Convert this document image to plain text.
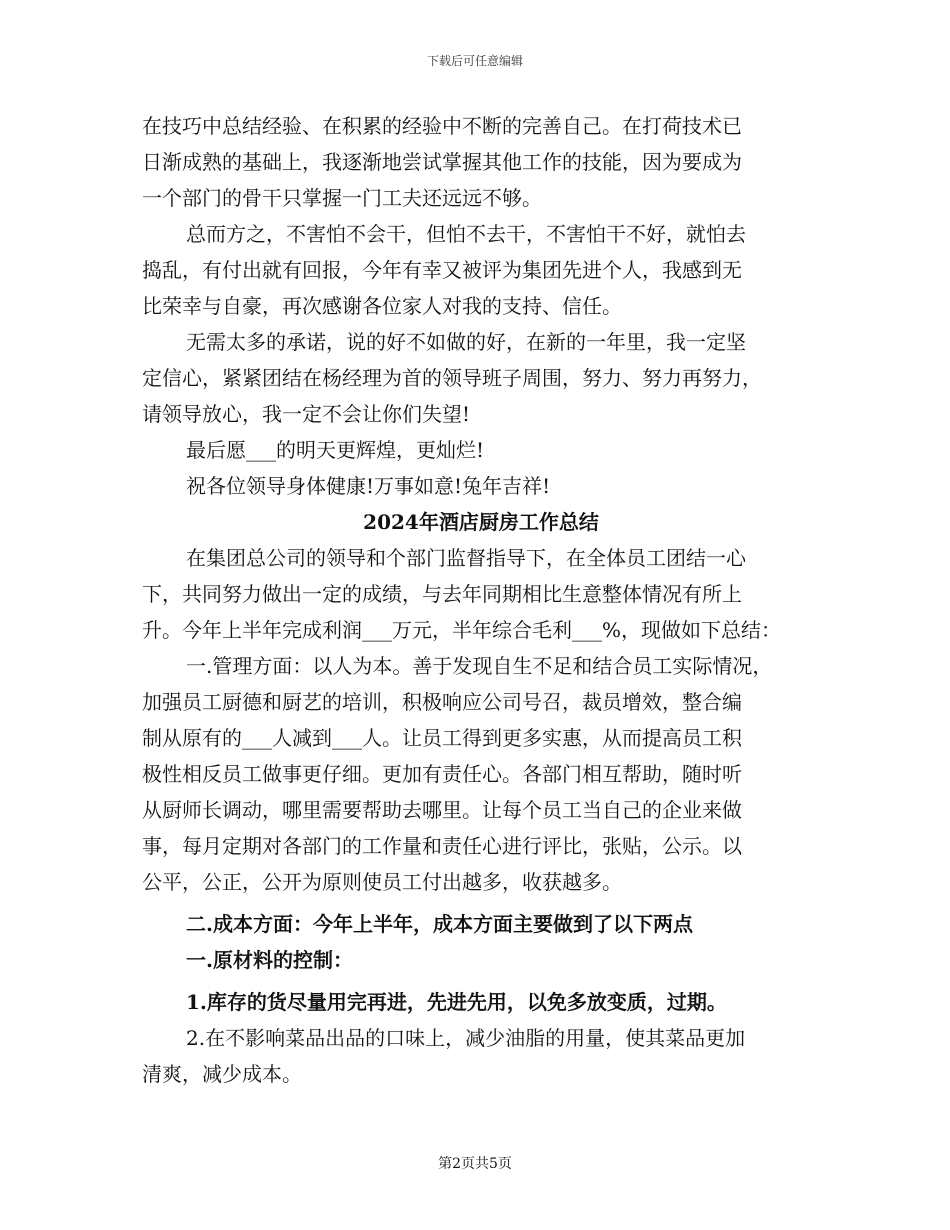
下载后可任意编辑
在技巧中总结经验、在积累的经验中不断的完善自己。在打荷技术已
日渐成熟的基础上，我逐渐地尝试掌握其他工作的技能，因为要成为
一个部门的骨干只掌握一门工夫还远远不够。
总而方之，不害怕不会干，但怕不去干，不害怕干不好，就怕去
捣乱，有付出就有回报，今年有幸又被评为集团先进个人，我感到无
比荣幸与自豪，再次感谢各位家人对我的支持、信任。
无需太多的承诺，说的好不如做的好，在新的一年里，我一定坚
定信心，紧紧团结在杨经理为首的领导班子周围，努力、努力再努力，
请领导放心，我一定不会让你们失望!
最后愿___的明天更辉煌，更灿烂!
祝各位领导身体健康!万事如意!兔年吉祥!
2024年酒店厨房工作总结
在集团总公司的领导和个部门监督指导下，在全体员工团结一心
下，共同努力做出一定的成绩，与去年同期相比生意整体情况有所上
升。今年上半年完成利润___万元，半年综合毛利___%，现做如下总结：
一.管理方面：以人为本。善于发现自生不足和结合员工实际情况，
加强员工厨德和厨艺的培训，积极响应公司号召，裁员增效，整合编
制从原有的___人减到___人。让员工得到更多实惠，从而提高员工积
极性相反员工做事更仔细。更加有责任心。各部门相互帮助，随时听
从厨师长调动，哪里需要帮助去哪里。让每个员工当自己的企业来做
事，每月定期对各部门的工作量和责任心进行评比，张贴，公示。以
公平，公正，公开为原则使员工付出越多，收获越多。
二.成本方面：今年上半年，成本方面主要做到了以下两点
一.原材料的控制：
1.库存的货尽量用完再进，先进先用，以免多放变质，过期。
2.在不影响菜品出品的口味上，减少油脂的用量，使其菜品更加
清爽，减少成本。
第2页共5页
